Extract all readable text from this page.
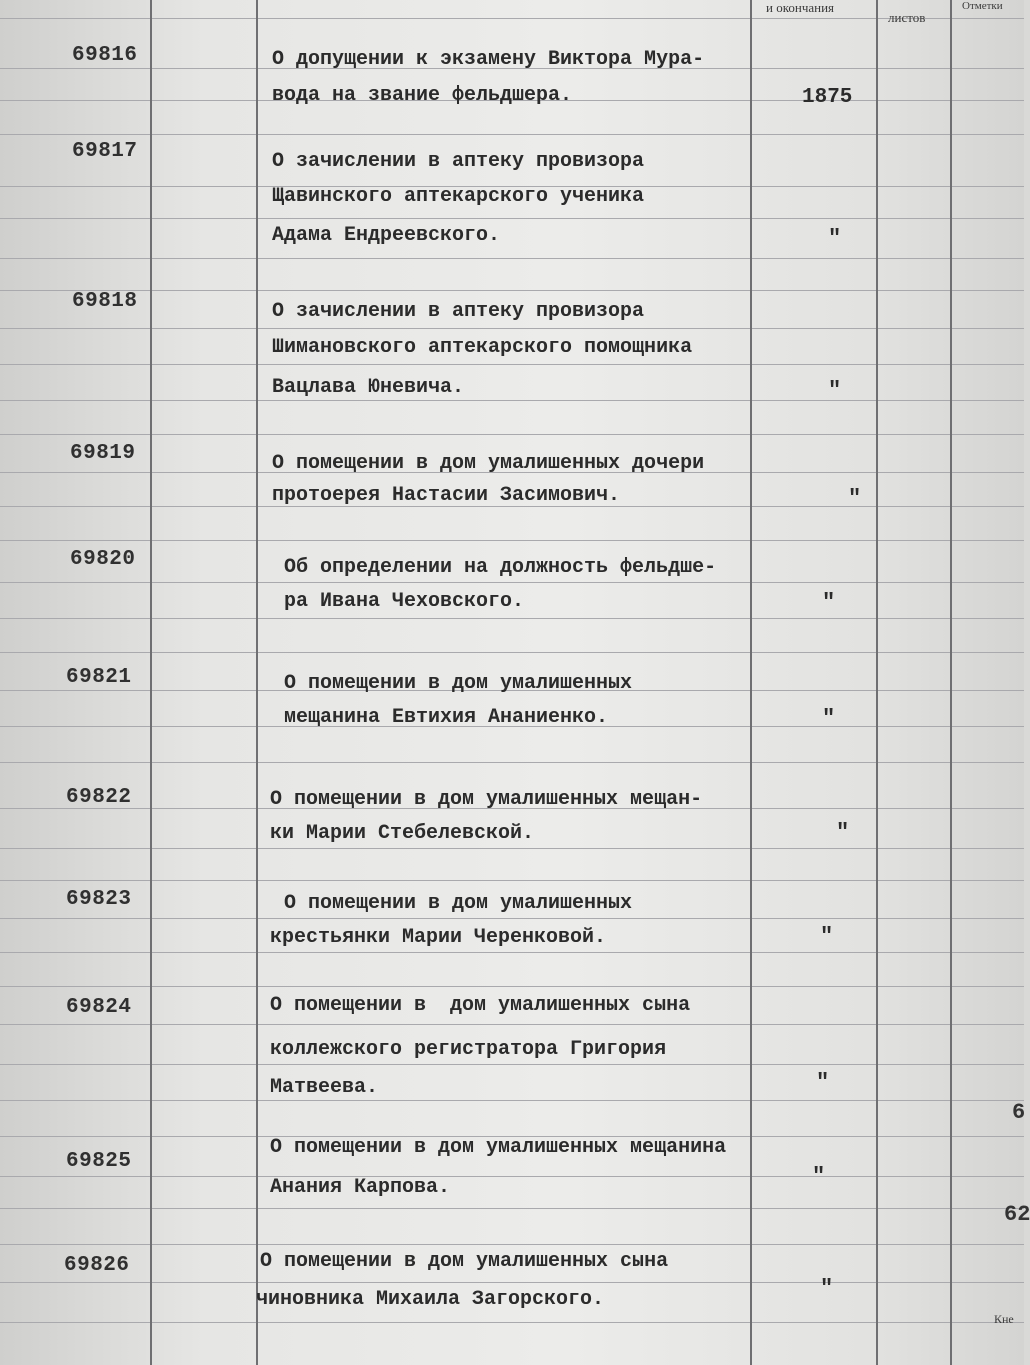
и окончания
листов
Отметки
69816	О допущении к экзамену Виктора Мура-
вода на звание фельдшера.	1875
69817	О зачислении в аптеку провизора
Щавинского аптекарского ученика
Адама Ендреевского.	"
69818	О зачислении в аптеку провизора
Шимановского аптекарского помощника
Вацлава Юневича.	"
69819	О помещении в дом умалишенных дочери
протоерея Настасии Засимович.	"
69820	Об определении на должность фельдше-
ра Ивана Чеховского.	"
69821	О помещении в дом умалишенных
мещанина Евтихия Ананиенко.	"
69822	О помещении в дом умалишенных мещан-
ки Марии Стебелевской.	"
69823	О помещении в дом умалишенных
крестьянки Марии Черенковой.	"
69824	О помещении в  дом умалишенных сына
коллежского регистратора Григория
Матвеева.	"
69825
О помещении в дом умалишенных мещанина
Анания Карпова.	"
69826	О помещении в дом умалишенных сына
чиновника Михаила Загорского.	"
6
62
Кне
